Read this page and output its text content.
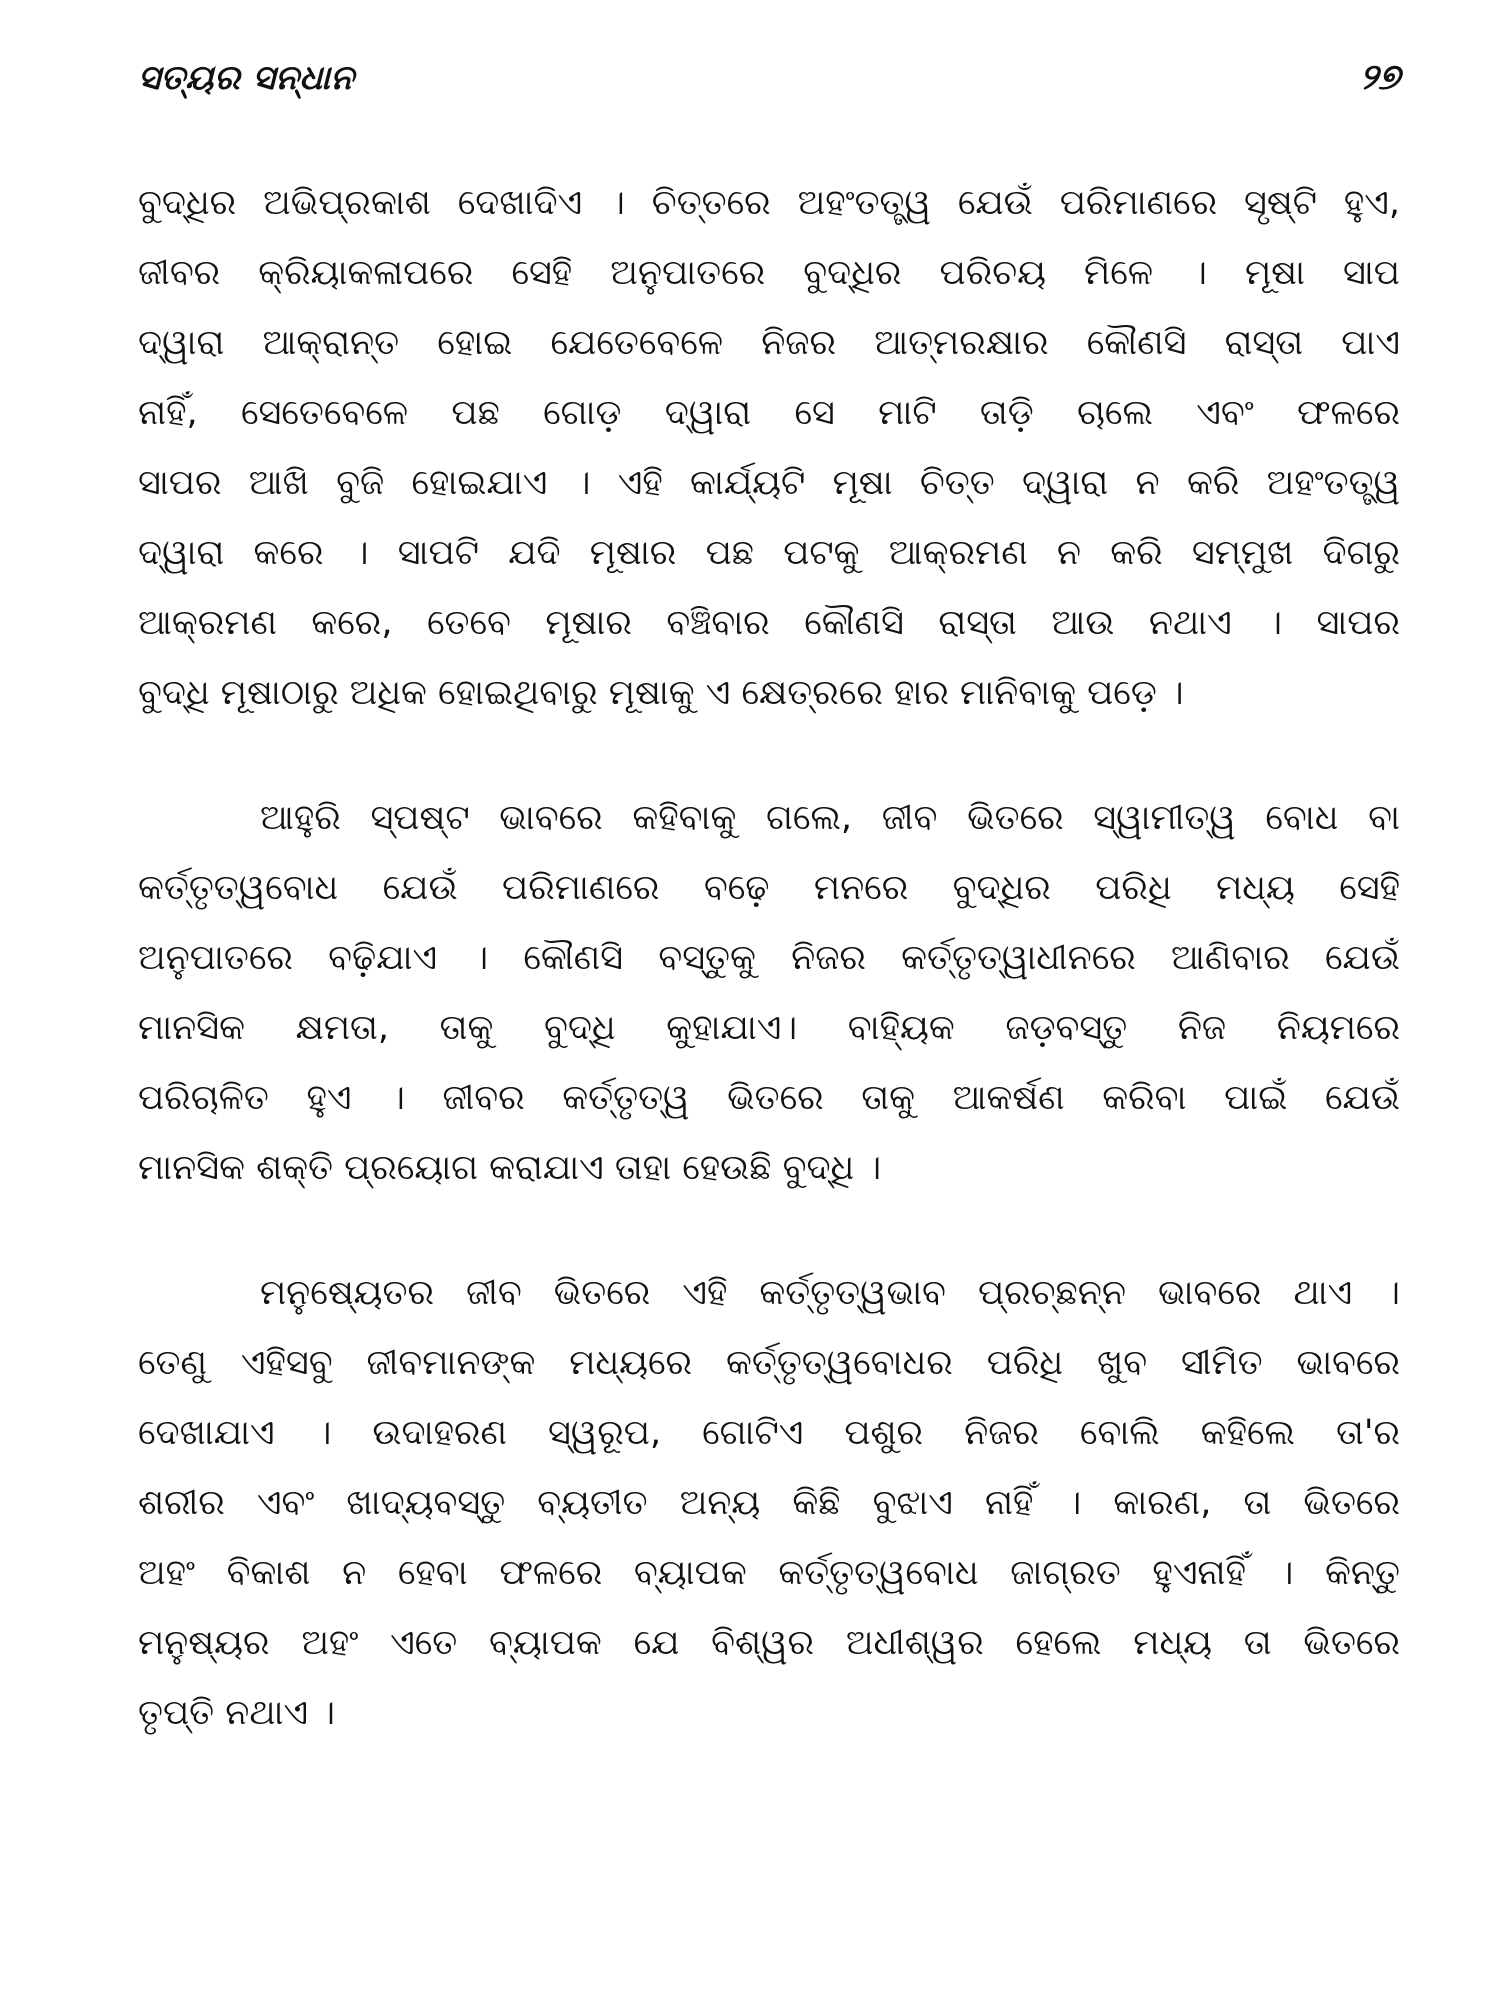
ସତ୍ୟର ସନ୍ଧାନ	୨୭

ବୁଦ୍ଧିର ଅଭିପ୍ରକାଶ ଦେଖାଦିଏ । ଚିତ୍ତରେ ଅହଂତତ୍ତ୍ୱ ଯେଉଁ ପରିମାଣରେ ସୃଷ୍ଟି ହୁଏ,
ଜୀବର କ୍ରିୟାକଳାପରେ ସେହି ଅନୁପାତରେ ବୁଦ୍ଧିର ପରିଚୟ ମିଳେ । ମୂଷା ସାପ
ଦ୍ୱାରା ଆକ୍ରାନ୍ତ ହୋଇ ଯେତେବେଳେ ନିଜର ଆତ୍ମରକ୍ଷାର କୌଣସି ରାସ୍ତା ପାଏ
ନାହିଁ, ସେତେବେଳେ ପଛ ଗୋଡ଼ ଦ୍ୱାରା ସେ ମାଟି ତାଡ଼ି ଚାଲେ ଏବଂ ଫଳରେ
ସାପର ଆଖି ବୁଜି ହୋଇଯାଏ । ଏହି କାର୍ଯ୍ୟଟି ମୂଷା ଚିତ୍ତ ଦ୍ୱାରା ନ କରି ଅହଂତତ୍ତ୍ୱ
ଦ୍ୱାରା କରେ । ସାପଟି ଯଦି ମୂଷାର ପଛ ପଟକୁ ଆକ୍ରମଣ ନ କରି ସମ୍ମୁଖ ଦିଗରୁ
ଆକ୍ରମଣ କରେ, ତେବେ ମୂଷାର ବଞ୍ଚିବାର କୌଣସି ରାସ୍ତା ଆଉ ନଥାଏ । ସାପର
ବୁଦ୍ଧି ମୂଷାଠାରୁ ଅଧିକ ହୋଇଥିବାରୁ ମୂଷାକୁ ଏ କ୍ଷେତ୍ରରେ ହାର ମାନିବାକୁ ପଡ଼େ ।

ଆହୁରି ସ୍ପଷ୍ଟ ଭାବରେ କହିବାକୁ ଗଲେ, ଜୀବ ଭିତରେ ସ୍ୱାମୀତ୍ୱ ବୋଧ ବା
କର୍ତ୍ତୃତ୍ୱବୋଧ ଯେଉଁ ପରିମାଣରେ ବଢ଼େ ମନରେ ବୁଦ୍ଧିର ପରିଧି ମଧ୍ୟ ସେହି
ଅନୁପାତରେ ବଢ଼ିଯାଏ । କୌଣସି ବସ୍ତୁକୁ ନିଜର କର୍ତ୍ତୃତ୍ୱାଧୀନରେ ଆଣିବାର ଯେଉଁ
ମାନସିକ କ୍ଷମତା, ତାକୁ ବୁଦ୍ଧି କୁହାଯାଏ। ବାହ୍ୟିକ ଜଡ଼ବସ୍ତୁ ନିଜ ନିୟମରେ
ପରିଚାଳିତ ହୁଏ । ଜୀବର କର୍ତ୍ତୃତ୍ୱ ଭିତରେ ତାକୁ ଆକର୍ଷଣ କରିବା ପାଇଁ ଯେଉଁ
ମାନସିକ ଶକ୍ତି ପ୍ରୟୋଗ କରାଯାଏ ତାହା ହେଉଛି ବୁଦ୍ଧି ।

ମନୁଷ୍ୟେତର ଜୀବ ଭିତରେ ଏହି କର୍ତ୍ତୃତ୍ୱଭାବ ପ୍ରଚ୍ଛନ୍ନ ଭାବରେ ଥାଏ ।
ତେଣୁ ଏହିସବୁ ଜୀବମାନଙ୍କ ମଧ୍ୟରେ କର୍ତ୍ତୃତ୍ୱବୋଧର ପରିଧି ଖୁବ ସୀମିତ ଭାବରେ
ଦେଖାଯାଏ । ଉଦାହରଣ ସ୍ୱରୂପ, ଗୋଟିଏ ପଶୁର ନିଜର ବୋଲି କହିଲେ ତା'ର
ଶରୀର ଏବଂ ଖାଦ୍ୟବସ୍ତୁ ବ୍ୟତୀତ ଅନ୍ୟ କିଛି ବୁଝାଏ ନାହିଁ । କାରଣ, ତା ଭିତରେ
ଅହଂ ବିକାଶ ନ ହେବା ଫଳରେ ବ୍ୟାପକ କର୍ତ୍ତୃତ୍ୱବୋଧ ଜାଗ୍ରତ ହୁଏନାହିଁ । କିନ୍ତୁ
ମନୁଷ୍ୟର ଅହଂ ଏତେ ବ୍ୟାପକ ଯେ ବିଶ୍ୱର ଅଧୀଶ୍ୱର ହେଲେ ମଧ୍ୟ ତା ଭିତରେ
ତୃପ୍ତି ନଥାଏ ।
